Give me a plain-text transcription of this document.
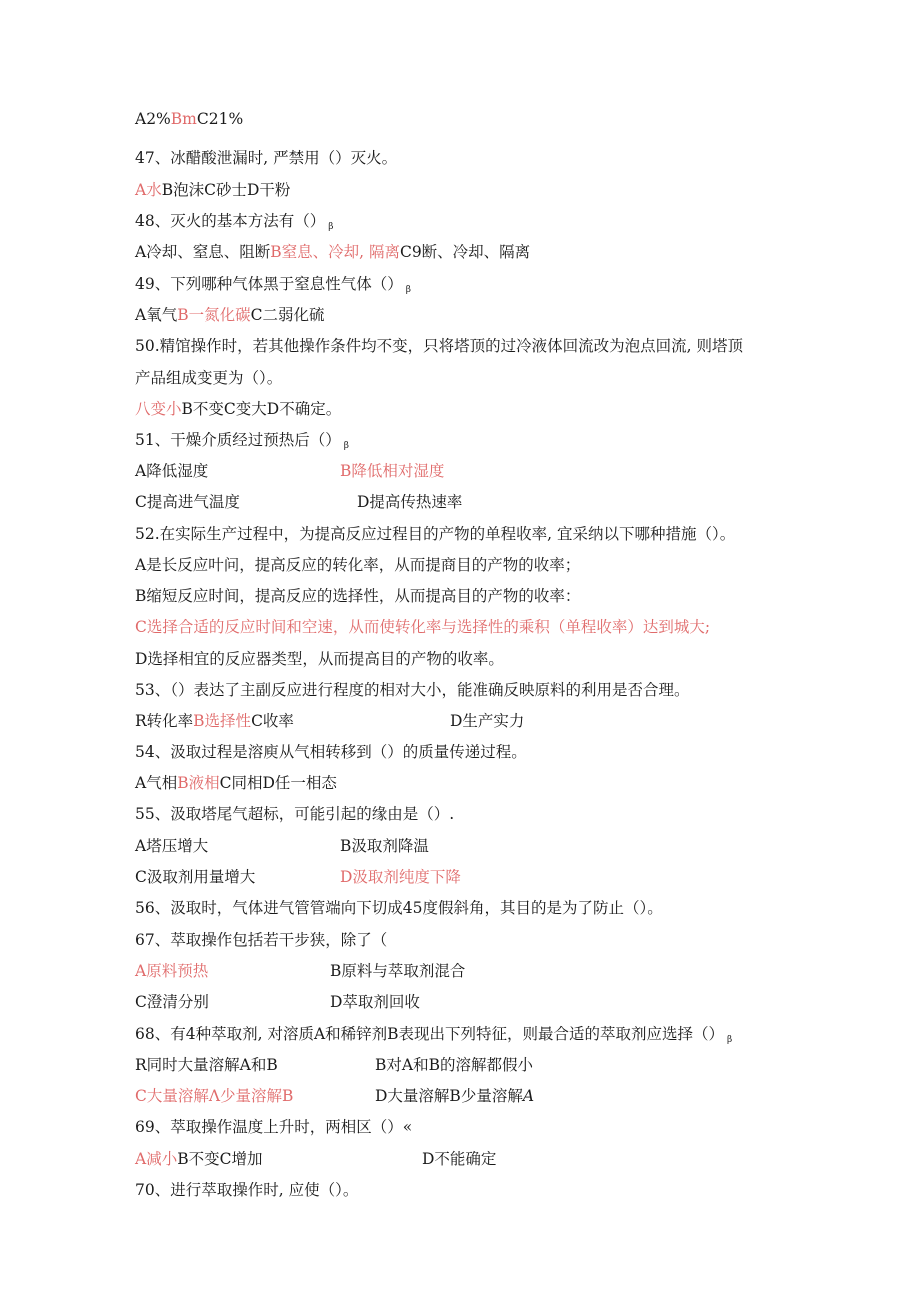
A2%BmC21%
47、冰醋酸泄漏时, 严禁用（）灭火。
A水B泡沫C砂士D干粉
48、灭火的基本方法有（） $_\beta$
A冷却、窒息、阻断B窒息、冷却, 隔离C9断、冷却、隔离
49、下列哪种气体黑于窒息性气体（） $_\beta$
A氧气B一氮化碳C二弱化硫
50.精馆操作时，若其他操作条件均不变，只将塔顶的过冷液体回流改为泡点回流, 则塔顶
产品组成变更为（）。
八变小B不变C变大D不确定。
51、干燥介质经过预热后（） $_\beta$
A降低湿度	B降低相对湿度
C提高进气温度	D提高传热速率
52.在实际生产过程中，为提高反应过程目的产物的单程收率, 宜采纳以下哪种措施（）。
A是长反应叶问，提高反应的转化率，从而提商目的产物的收率；
B缩短反应时间，提高反应的选择性，从而提高目的产物的收率：
C选择合适的反应时间和空速，从而使转化率与选择性的乘积（单程收率）达到城大;
D选择相宜的反应器类型，从而提高目的产物的收率。
53、（）表达了主副反应进行程度的相对大小，能准确反映原料的利用是否合理。
R转化率B选择性C收率	D生产实力
54、汲取过程是溶庾从气相转移到（）的质量传递过程。
A气相B液相C同相D任一相态
55、汲取塔尾气超标，可能引起的缘由是（）.
A塔压增大	B汲取剂降温
C汲取剂用量增大	D汲取剂纯度下降
56、汲取时，气体进气管管端向下切成45度假斜角，其目的是为了防止（）。
67、萃取操作包括若干步狭，除了（
A原料预热	B原料与萃取剂混合
C澄清分别	D萃取剂回收
68、有4种萃取剂, 对溶质A和稀锌剂B表现出下列特征，则最合适的萃取剂应选择（） $_\beta$
R同时大量溶解A和B	B对A和B的溶解都假小
C大量溶解Λ少量溶解B	D大量溶解B少量溶解A
69、萃取操作温度上升时，两相区（）«
A减小B不变C增加	D不能确定
70、进行萃取操作时, 应使（）。
